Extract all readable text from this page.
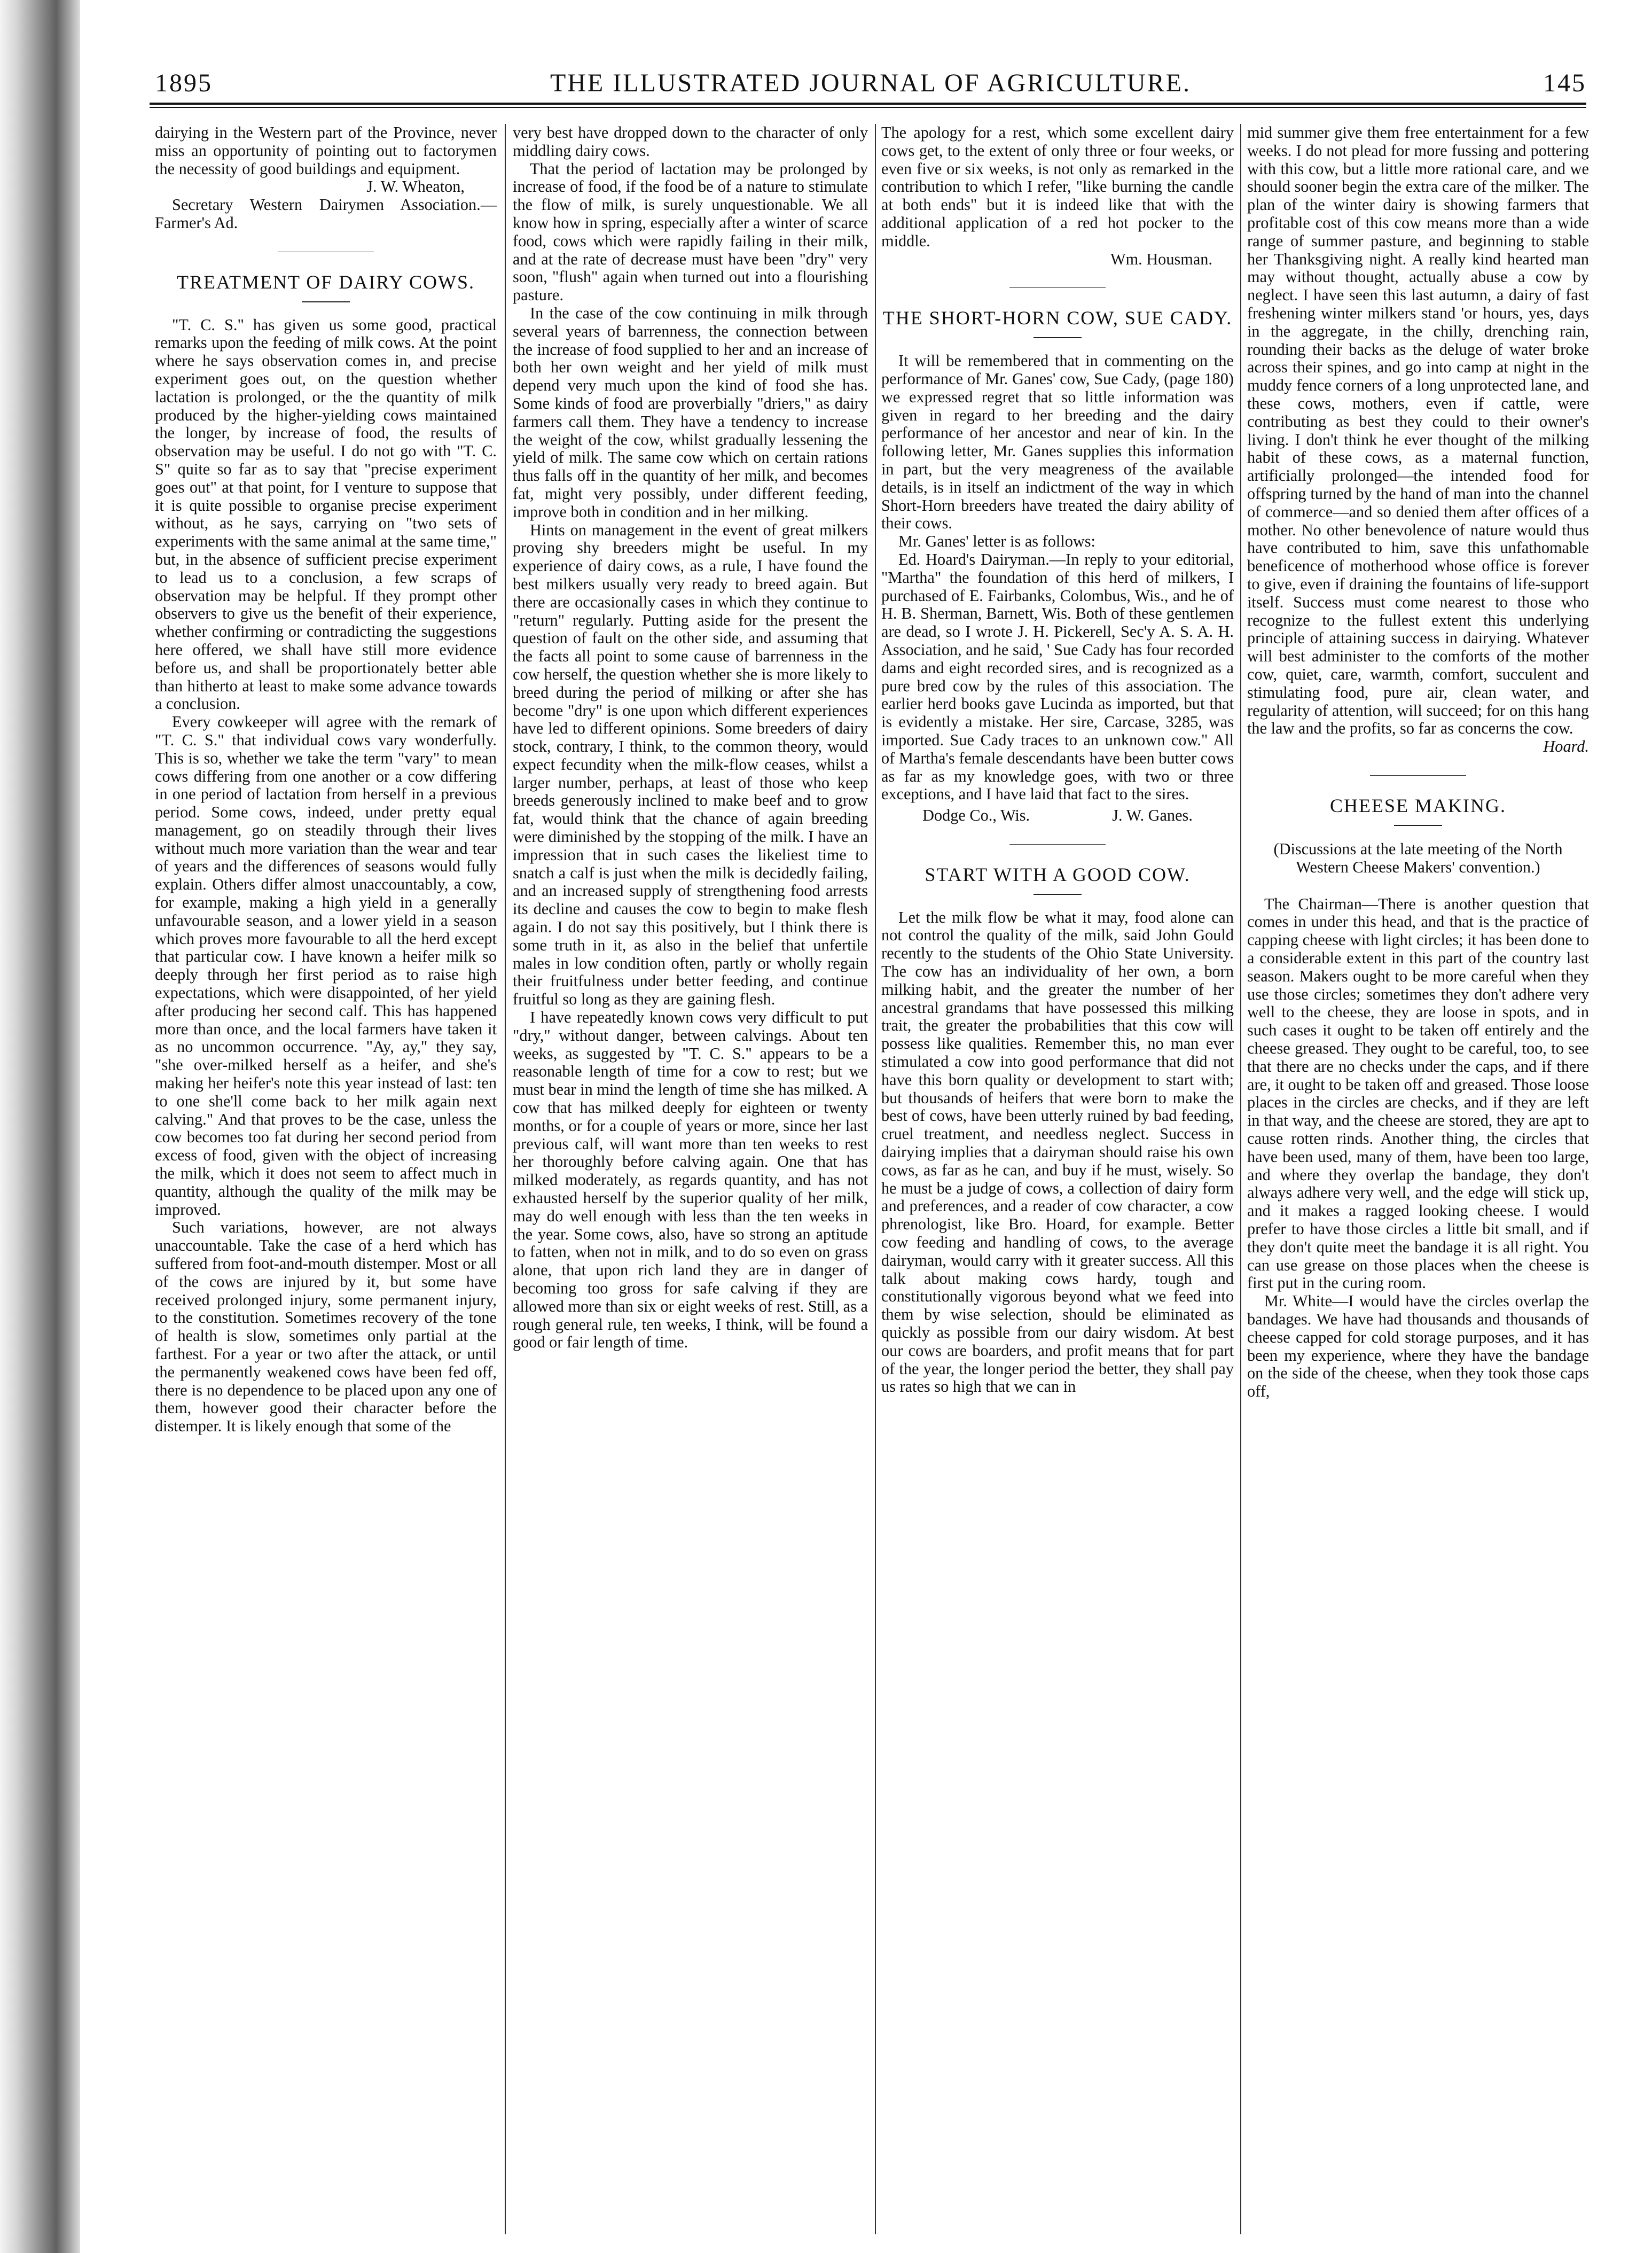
1895	THE ILLUSTRATED JOURNAL OF AGRICULTURE.	145

dairying in the Western part of the Province, never miss an opportunity of pointing out to factorymen the necessity of good buildings and equipment.

J. W. Wheaton,

Secretary Western Dairymen Association.—Farmer's Ad.

TREATMENT OF DAIRY COWS.

"T. C. S." has given us some good, practical remarks upon the feeding of milk cows. At the point where he says observation comes in, and precise experiment goes out, on the question whether lactation is prolonged, or the the quantity of milk produced by the higher-yielding cows maintained the longer, by increase of food, the results of observation may be useful. I do not go with "T. C. S" quite so far as to say that "precise experiment goes out" at that point, for I venture to suppose that it is quite possible to organise precise experiment without, as he says, carrying on "two sets of experiments with the same animal at the same time," but, in the absence of sufficient precise experiment to lead us to a conclusion, a few scraps of observation may be helpful. If they prompt other observers to give us the benefit of their experience, whether confirming or contradicting the suggestions here offered, we shall have still more evidence before us, and shall be proportionately better able than hitherto at least to make some advance towards a conclusion.

Every cowkeeper will agree with the remark of "T. C. S." that individual cows vary wonderfully. This is so, whether we take the term "vary" to mean cows differing from one another or a cow differing in one period of lactation from herself in a previous period. Some cows, indeed, under pretty equal management, go on steadily through their lives without much more variation than the wear and tear of years and the differences of seasons would fully explain. Others differ almost unaccountably, a cow, for example, making a high yield in a generally unfavourable season, and a lower yield in a season which proves more favourable to all the herd except that particular cow. I have known a heifer milk so deeply through her first period as to raise high expectations, which were disappointed, of her yield after producing her second calf. This has happened more than once, and the local farmers have taken it as no uncommon occurrence. "Ay, ay," they say, "she over-milked herself as a heifer, and she's making her heifer's note this year instead of last: ten to one she'll come back to her milk again next calving." And that proves to be the case, unless the cow becomes too fat during her second period from excess of food, given with the object of increasing the milk, which it does not seem to affect much in quantity, although the quality of the milk may be improved.

Such variations, however, are not always unaccountable. Take the case of a herd which has suffered from foot-and-mouth distemper. Most or all of the cows are injured by it, but some have received prolonged injury, some permanent injury, to the constitution. Sometimes recovery of the tone of health is slow, sometimes only partial at the farthest. For a year or two after the attack, or until the permanently weakened cows have been fed off, there is no dependence to be placed upon any one of them, however good their character before the distemper. It is likely enough that some of the

very best have dropped down to the character of only middling dairy cows.

That the period of lactation may be prolonged by increase of food, if the food be of a nature to stimulate the flow of milk, is surely unquestionable. We all know how in spring, especially after a winter of scarce food, cows which were rapidly failing in their milk, and at the rate of decrease must have been "dry" very soon, "flush" again when turned out into a flourishing pasture.

In the case of the cow continuing in milk through several years of barrenness, the connection between the increase of food supplied to her and an increase of both her own weight and her yield of milk must depend very much upon the kind of food she has. Some kinds of food are proverbially "driers," as dairy farmers call them. They have a tendency to increase the weight of the cow, whilst gradually lessening the yield of milk. The same cow which on certain rations thus falls off in the quantity of her milk, and becomes fat, might very possibly, under different feeding, improve both in condition and in her milking.

Hints on management in the event of great milkers proving shy breeders might be useful. In my experience of dairy cows, as a rule, I have found the best milkers usually very ready to breed again. But there are occasionally cases in which they continue to "return" regularly. Putting aside for the present the question of fault on the other side, and assuming that the facts all point to some cause of barrenness in the cow herself, the question whether she is more likely to breed during the period of milking or after she has become "dry" is one upon which different experiences have led to different opinions. Some breeders of dairy stock, contrary, I think, to the common theory, would expect fecundity when the milk-flow ceases, whilst a larger number, perhaps, at least of those who keep breeds generously inclined to make beef and to grow fat, would think that the chance of again breeding were diminished by the stopping of the milk. I have an impression that in such cases the likeliest time to snatch a calf is just when the milk is decidedly failing, and an increased supply of strengthening food arrests its decline and causes the cow to begin to make flesh again. I do not say this positively, but I think there is some truth in it, as also in the belief that unfertile males in low condition often, partly or wholly regain their fruitfulness under better feeding, and continue fruitful so long as they are gaining flesh.

I have repeatedly known cows very difficult to put "dry," without danger, between calvings. About ten weeks, as suggested by "T. C. S." appears to be a reasonable length of time for a cow to rest; but we must bear in mind the length of time she has milked. A cow that has milked deeply for eighteen or twenty months, or for a couple of years or more, since her last previous calf, will want more than ten weeks to rest her thoroughly before calving again. One that has milked moderately, as regards quantity, and has not exhausted herself by the superior quality of her milk, may do well enough with less than the ten weeks in the year. Some cows, also, have so strong an aptitude to fatten, when not in milk, and to do so even on grass alone, that upon rich land they are in danger of becoming too gross for safe calving if they are allowed more than six or eight weeks of rest. Still, as a rough general rule, ten weeks, I think, will be found a good or fair length of time.

The apology for a rest, which some excellent dairy cows get, to the extent of only three or four weeks, or even five or six weeks, is not only as remarked in the contribution to which I refer, "like burning the candle at both ends" but it is indeed like that with the additional application of a red hot pocker to the middle.

Wm. Housman.

THE SHORT-HORN COW, SUE CADY.

It will be remembered that in commenting on the performance of Mr. Ganes' cow, Sue Cady, (page 180) we expressed regret that so little information was given in regard to her breeding and the dairy performance of her ancestor and near of kin. In the following letter, Mr. Ganes supplies this information in part, but the very meagreness of the available details, is in itself an indictment of the way in which Short-Horn breeders have treated the dairy ability of their cows.

Mr. Ganes' letter is as follows:

Ed. Hoard's Dairyman.—In reply to your editorial, "Martha" the foundation of this herd of milkers, I purchased of E. Fairbanks, Colombus, Wis., and he of H. B. Sherman, Barnett, Wis. Both of these gentlemen are dead, so I wrote J. H. Pickerell, Sec'y A. S. A. H. Association, and he said, ' Sue Cady has four recorded dams and eight recorded sires, and is recognized as a pure bred cow by the rules of this association. The earlier herd books gave Lucinda as imported, but that is evidently a mistake. Her sire, Carcase, 3285, was imported. Sue Cady traces to an unknown cow." All of Martha's female descendants have been butter cows as far as my knowledge goes, with two or three exceptions, and I have laid that fact to the sires.

Dodge Co., Wis.	J. W. Ganes.
START WITH A GOOD COW.

Let the milk flow be what it may, food alone can not control the quality of the milk, said John Gould recently to the students of the Ohio State University. The cow has an individuality of her own, a born milking habit, and the greater the number of her ancestral grandams that have possessed this milking trait, the greater the probabilities that this cow will possess like qualities. Remember this, no man ever stimulated a cow into good performance that did not have this born quality or development to start with; but thousands of heifers that were born to make the best of cows, have been utterly ruined by bad feeding, cruel treatment, and needless neglect. Success in dairying implies that a dairyman should raise his own cows, as far as he can, and buy if he must, wisely. So he must be a judge of cows, a collection of dairy form and preferences, and a reader of cow character, a cow phrenologist, like Bro. Hoard, for example. Better cow feeding and handling of cows, to the average dairyman, would carry with it greater success. All this talk about making cows hardy, tough and constitutionally vigorous beyond what we feed into them by wise selection, should be eliminated as quickly as possible from our dairy wisdom. At best our cows are boarders, and profit means that for part of the year, the longer period the better, they shall pay us rates so high that we can in

mid summer give them free entertainment for a few weeks. I do not plead for more fussing and pottering with this cow, but a little more rational care, and we should sooner begin the extra care of the milker. The plan of the winter dairy is showing farmers that profitable cost of this cow means more than a wide range of summer pasture, and beginning to stable her Thanksgiving night. A really kind hearted man may without thought, actually abuse a cow by neglect. I have seen this last autumn, a dairy of fast freshening winter milkers stand 'or hours, yes, days in the aggregate, in the chilly, drenching rain, rounding their backs as the deluge of water broke across their spines, and go into camp at night in the muddy fence corners of a long unprotected lane, and these cows, mothers, even if cattle, were contributing as best they could to their owner's living. I don't think he ever thought of the milking habit of these cows, as a maternal function, artificially prolonged—the intended food for offspring turned by the hand of man into the channel of commerce—and so denied them after offices of a mother. No other benevolence of nature would thus have contributed to him, save this unfathomable beneficence of motherhood whose office is forever to give, even if draining the fountains of life-support itself. Success must come nearest to those who recognize to the fullest extent this underlying principle of attaining success in dairying. Whatever will best administer to the comforts of the mother cow, quiet, care, warmth, comfort, succulent and stimulating food, pure air, clean water, and regularity of attention, will succeed; for on this hang the law and the profits, so far as concerns the cow.

Hoard.

CHEESE MAKING.
(Discussions at the late meeting of the North Western Cheese Makers' convention.)

The Chairman—There is another question that comes in under this head, and that is the practice of capping cheese with light circles; it has been done to a considerable extent in this part of the country last season. Makers ought to be more careful when they use those circles; sometimes they don't adhere very well to the cheese, they are loose in spots, and in such cases it ought to be taken off entirely and the cheese greased. They ought to be careful, too, to see that there are no checks under the caps, and if there are, it ought to be taken off and greased. Those loose places in the circles are checks, and if they are left in that way, and the cheese are stored, they are apt to cause rotten rinds. Another thing, the circles that have been used, many of them, have been too large, and where they overlap the bandage, they don't always adhere very well, and the edge will stick up, and it makes a ragged looking cheese. I would prefer to have those circles a little bit small, and if they don't quite meet the bandage it is all right. You can use grease on those places when the cheese is first put in the curing room.

Mr. White—I would have the circles overlap the bandages. We have had thousands and thousands of cheese capped for cold storage purposes, and it has been my experience, where they have the bandage on the side of the cheese, when they took those caps off,
